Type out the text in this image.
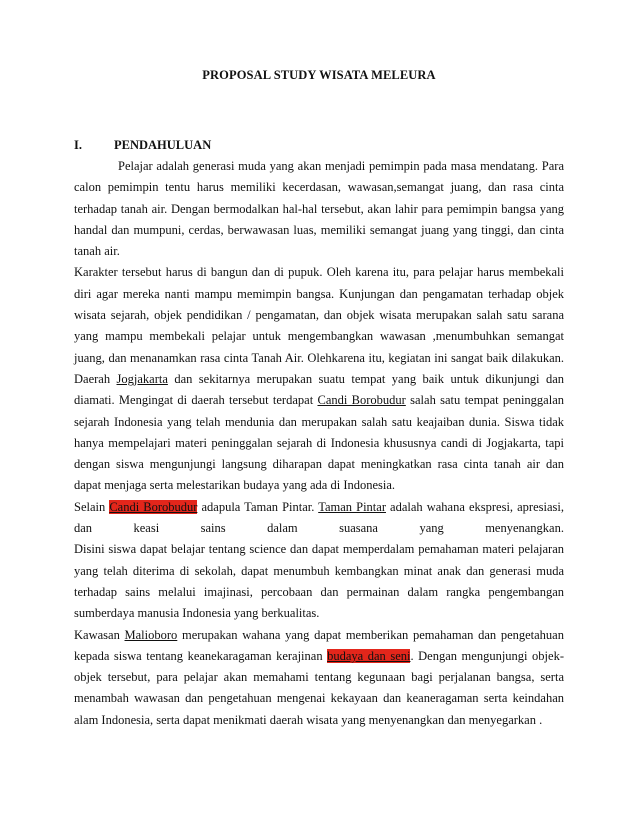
PROPOSAL STUDY WISATA MELEURA
I.	PENDAHULUAN
Pelajar adalah generasi muda yang akan menjadi pemimpin pada masa mendatang. Para
calon pemimpin tentu harus memiliki kecerdasan, wawasan,semangat juang, dan rasa cinta
terhadap tanah air. Dengan bermodalkan hal-hal tersebut, akan lahir para pemimpin bangsa yang
handal dan mumpuni, cerdas, berwawasan luas, memiliki semangat juang yang tinggi, dan cinta
tanah air.
Karakter tersebut harus di bangun dan di pupuk. Oleh karena itu, para pelajar harus membekali
diri agar mereka nanti mampu memimpin bangsa. Kunjungan dan pengamatan terhadap objek
wisata sejarah, objek pendidikan / pengamatan, dan objek wisata merupakan salah satu sarana
yang mampu membekali pelajar untuk mengembangkan wawasan ,menumbuhkan semangat
juang, dan menanamkan rasa cinta Tanah Air. Olehkarena itu, kegiatan ini sangat baik dilakukan.
Daerah Jogjakarta dan sekitarnya merupakan suatu tempat yang baik untuk dikunjungi dan
diamati. Mengingat di daerah tersebut terdapat Candi Borobudur salah satu tempat peninggalan
sejarah Indonesia yang telah mendunia dan merupakan salah satu keajaiban dunia. Siswa tidak
hanya mempelajari materi peninggalan sejarah di Indonesia khususnya candi di Jogjakarta, tapi
dengan siswa mengunjungi langsung diharapan dapat meningkatkan rasa cinta tanah air dan
dapat menjaga serta melestarikan budaya yang ada di Indonesia.
Selain Candi Borobudur adapula Taman Pintar. Taman Pintar adalah wahana ekspresi, apresiasi,
dan keasi sains dalam suasana yang menyenangkan.
Disini siswa dapat belajar tentang science dan dapat memperdalam pemahaman materi pelajaran
yang telah diterima di sekolah, dapat menumbuh kembangkan minat anak dan generasi muda
terhadap sains melalui imajinasi, percobaan dan permainan dalam rangka pengembangan
sumberdaya manusia Indonesia yang berkualitas.
Kawasan Malioboro merupakan wahana yang dapat memberikan pemahaman dan pengetahuan
kepada siswa tentang keanekaragaman kerajinan budaya dan seni. Dengan mengunjungi objek-
objek tersebut, para pelajar akan memahami tentang kegunaan bagi perjalanan bangsa, serta
menambah wawasan dan pengetahuan mengenai kekayaan dan keaneragaman serta keindahan
alam Indonesia, serta dapat menikmati daerah wisata yang menyenangkan dan menyegarkan .
